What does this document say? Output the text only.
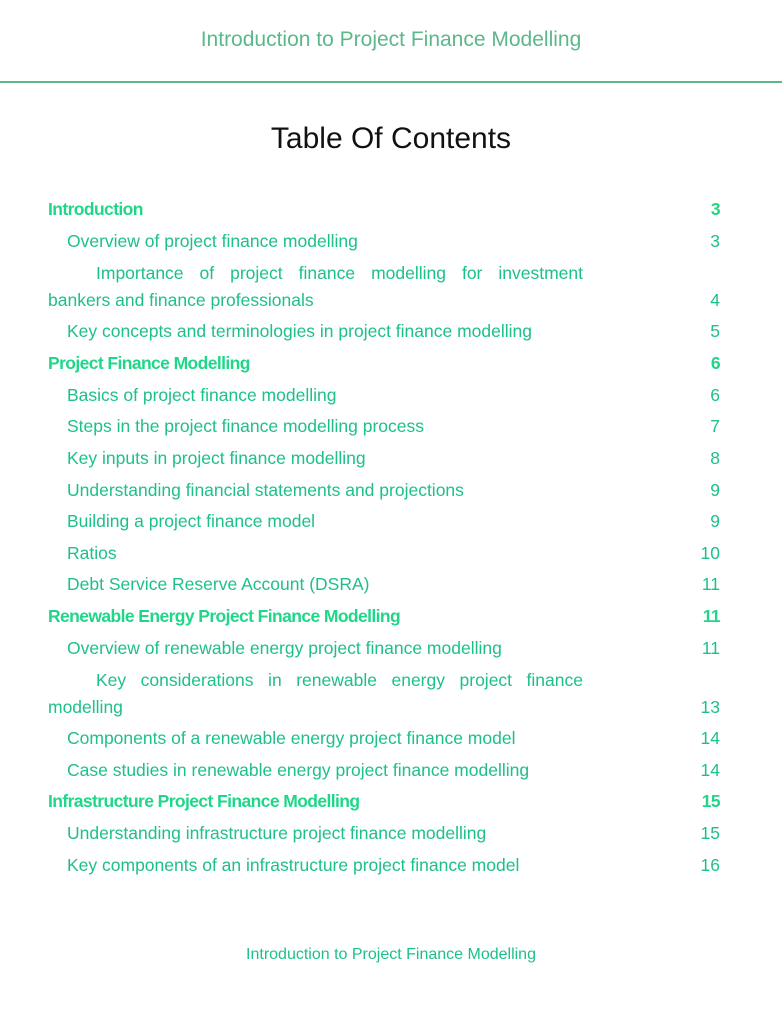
Introduction to Project Finance Modelling
Table Of Contents
Introduction	3
Overview of project finance modelling	3
Importance of project finance modelling for investment bankers and finance professionals	4
Key concepts and terminologies in project finance modelling	5
Project Finance Modelling	6
Basics of project finance modelling	6
Steps in the project finance modelling process	7
Key inputs in project finance modelling	8
Understanding financial statements and projections	9
Building a project finance model	9
Ratios	10
Debt Service Reserve Account (DSRA)	11
Renewable Energy Project Finance Modelling	11
Overview of renewable energy project finance modelling	11
Key considerations in renewable energy project finance modelling	13
Components of a renewable energy project finance model	14
Case studies in renewable energy project finance modelling	14
Infrastructure Project Finance Modelling	15
Understanding infrastructure project finance modelling	15
Key components of an infrastructure project finance model	16
Introduction to Project Finance Modelling
